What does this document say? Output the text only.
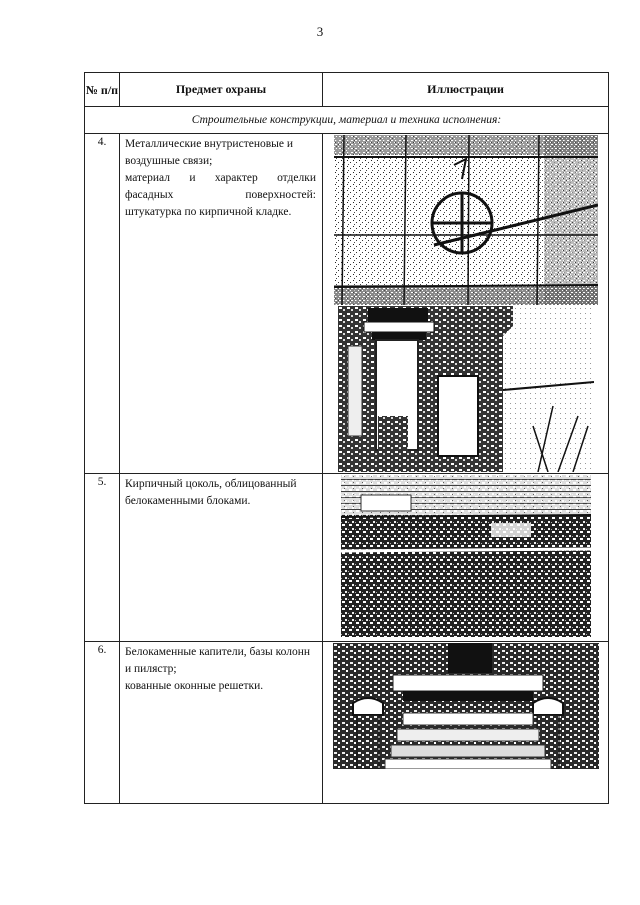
3
№ п/п	Предмет охраны	Иллюстрации
Строительные конструкции, материал и техника исполнения:		
4.	Металлические внутристеновые и воздушные связи;
материал и характер отделки фасадных поверхностей:
штукатурка по кирпичной кладке.

5.	Кирпичный цоколь, облицованный белокаменными блоками.

6.	Белокаменные капители, базы колонн и пилястр;
кованные оконные решетки.
